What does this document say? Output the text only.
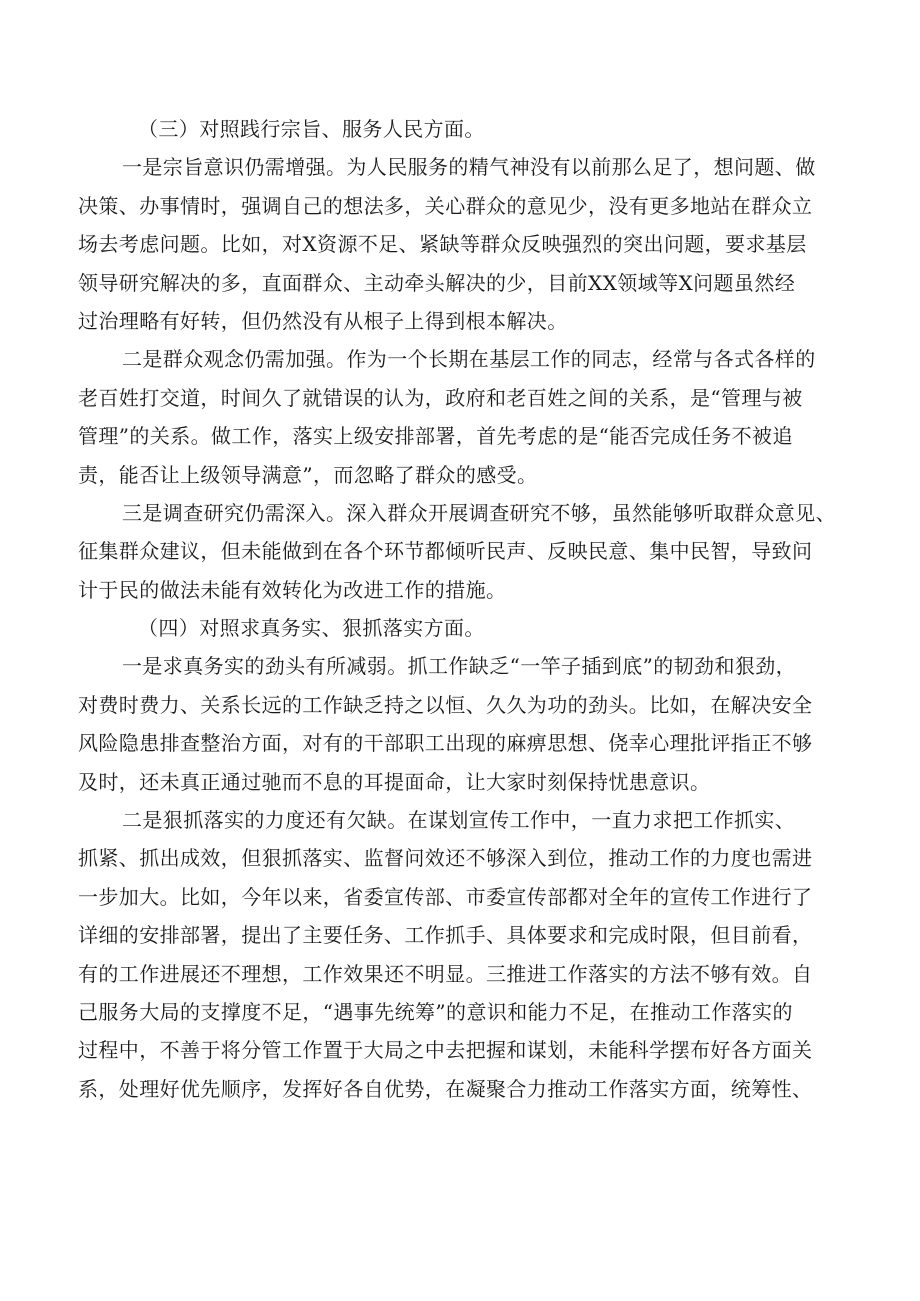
（三）对照践行宗旨、服务人民方面。
一是宗旨意识仍需增强。为人民服务的精气神没有以前那么足了，想问题、做
决策、办事情时，强调自己的想法多，关心群众的意见少，没有更多地站在群众立
场去考虑问题。比如，对X资源不足、紧缺等群众反映强烈的突出问题，要求基层
领导研究解决的多，直面群众、主动牵头解决的少，目前XX领域等X问题虽然经
过治理略有好转，但仍然没有从根子上得到根本解决。
二是群众观念仍需加强。作为一个长期在基层工作的同志，经常与各式各样的
老百姓打交道，时间久了就错误的认为，政府和老百姓之间的关系，是“管理与被
管理”的关系。做工作，落实上级安排部署，首先考虑的是“能否完成任务不被追
责，能否让上级领导满意”，而忽略了群众的感受。
三是调查研究仍需深入。深入群众开展调查研究不够，虽然能够听取群众意见、
征集群众建议，但未能做到在各个环节都倾听民声、反映民意、集中民智，导致问
计于民的做法未能有效转化为改进工作的措施。
（四）对照求真务实、狠抓落实方面。
一是求真务实的劲头有所减弱。抓工作缺乏“一竿子插到底”的韧劲和狠劲，
对费时费力、关系长远的工作缺乏持之以恒、久久为功的劲头。比如，在解决安全
风险隐患排查整治方面，对有的干部职工出现的麻痹思想、侥幸心理批评指正不够
及时，还未真正通过驰而不息的耳提面命，让大家时刻保持忧患意识。
二是狠抓落实的力度还有欠缺。在谋划宣传工作中，一直力求把工作抓实、
抓紧、抓出成效，但狠抓落实、监督问效还不够深入到位，推动工作的力度也需进
一步加大。比如，今年以来，省委宣传部、市委宣传部都对全年的宣传工作进行了
详细的安排部署，提出了主要任务、工作抓手、具体要求和完成时限，但目前看，
有的工作进展还不理想，工作效果还不明显。三推进工作落实的方法不够有效。自
己服务大局的支撑度不足，“遇事先统筹”的意识和能力不足，在推动工作落实的
过程中，不善于将分管工作置于大局之中去把握和谋划，未能科学摆布好各方面关
系，处理好优先顺序，发挥好各自优势，在凝聚合力推动工作落实方面，统筹性、
